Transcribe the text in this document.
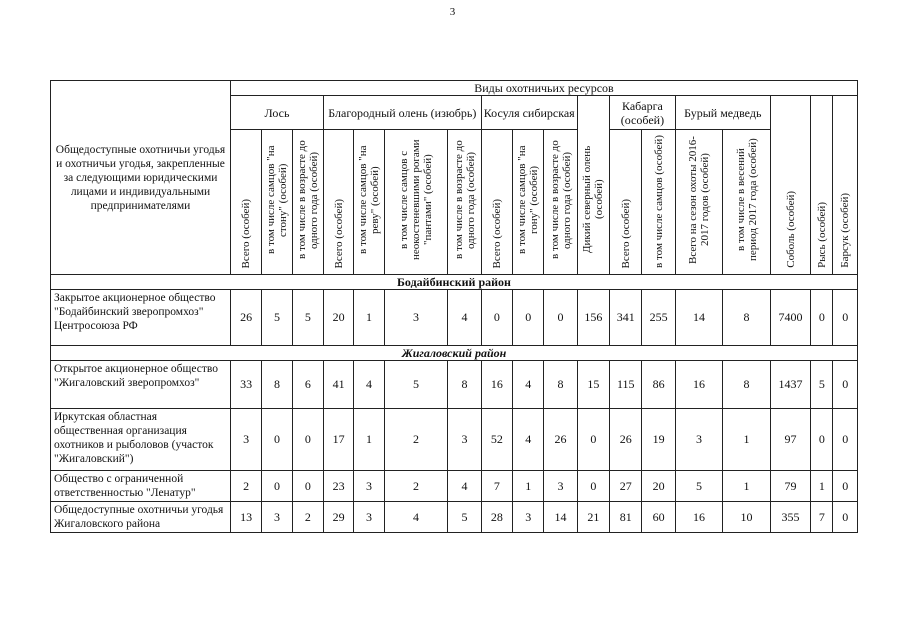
3
Общедоступные охотничьи угодья и охотничьи угодья, закрепленные за следующими юридическими лицами и индивидуальными предпринимателями	Виды охотничьих ресурсов																	
	Лось			Благородный олень (изюбрь)				Косуля сибирская			Дикий северный олень (особей)	Кабарга (особей)		Бурый медведь		Соболь (особей)	Рысь (особей)	Барсук (особей)
	Всего (особей)	в том числе самцов "на стону" (особей)	в том числе в возрасте до одного года (особей)	Всего (особей)	в том числе самцов "на реву" (особей)	в том числе самцов с неокостеневшими рогами "пантами" (особей)	в том числе в возрасте до одного года (особей)	Всего (особей)	в том числе самцов "на гону" (особей)	в том числе в возрасте до одного года (особей)		Всего (особей)	в том числе самцов (особей)	Всего на сезон охоты 2016-2017 годов (особей)	в том числе в весений период 2017 года (особей)			
Бодайбинский район																		
Закрытое акционерное общество "Бодайбинский зверопромхоз" Центросоюза РФ	26	5	5	20	1	3	4	0	0	0	156	341	255	14	8	7400	0	0
Жигаловский район																		
Открытое акционерное общество "Жигаловский зверопромхоз"	33	8	6	41	4	5	8	16	4	8	15	115	86	16	8	1437	5	0
Иркутская областная общественная организация охотников и рыболовов (участок "Жигаловский")	3	0	0	17	1	2	3	52	4	26	0	26	19	3	1	97	0	0
Общество с ограниченной ответственностью "Ленатур"	2	0	0	23	3	2	4	7	1	3	0	27	20	5	1	79	1	0
Общедоступные охотничьи угодья Жигаловского района	13	3	2	29	3	4	5	28	3	14	21	81	60	16	10	355	7	0
